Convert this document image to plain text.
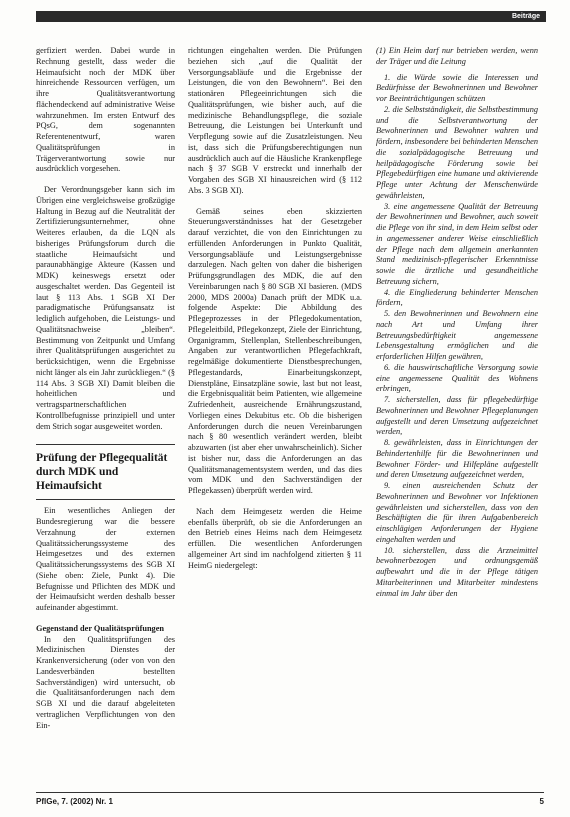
Beiträge

gerfiziert werden. Dabei wurde in Rechnung gestellt, dass weder die Heimaufsicht noch der MDK über hinreichende Ressourcen verfügen, um ihre Qualitätsverantwortung flächendeckend auf administrative Weise wahrzunehmen. Im ersten Entwurf des PQsG, dem sogenannten Referentenentwurf, waren Qualitätsprüfungen in Trägerverantwortung sowie nur ausdrücklich vorgesehen.

Der Verordnungsgeber kann sich im Übrigen eine vergleichsweise großzügige Haltung in Bezug auf die Neutralität der Zertifizierungsunternehmer, ohne Weiteres erlauben, da die LQN als bisheriges Prüfungsforum durch die staatliche Heimaufsicht und paraunabhängige Akteure (Kassen und MDK) keineswegs ersetzt oder ausgeschaltet werden. Das Gegenteil ist laut § 113 Abs. 1 SGB XI Der paradigmatische Prüfungsansatz ist lediglich aufgehoben, die Leistungs- und Qualitätsnachweise „bleiben“. Bestimmung von Zeitpunkt und Umfang ihrer Qualitätsprüfungen ausgerichtet zu berücksichtigen, wenn die Ergebnisse nicht länger als ein Jahr zurückliegen.“ (§ 114 Abs. 3 SGB XI) Damit bleiben die hoheitlichen und vertragspartnerschaftlichen Kontrollbefugnisse prinzipiell und unter dem Strich sogar ausgeweitet worden.

Prüfung der Pflegequalität durch MDK und Heimaufsicht

Ein wesentliches Anliegen der Bundesregierung war die bessere Verzahnung der externen Qualitätssicherungssysteme des Heimgesetzes und des externen Qualitätssicherungssystems des SGB XI (Siehe oben: Ziele, Punkt 4). Die Befugnisse und Pflichten des MDK und der Heimaufsicht werden deshalb besser aufeinander abgestimmt.

Gegenstand der Qualitätsprüfungen

In den Qualitätsprüfungen des Medizinischen Dienstes der Krankenversicherung (oder von von den Landesverbänden bestellten Sachverständigen) wird untersucht, ob die Qualitätsanforderungen nach dem SGB XI und die darauf abgeleiteten vertraglichen Verpflichtungen von den Ein-

richtungen eingehalten werden. Die Prüfungen beziehen sich „auf die Qualität der Versorgungsabläufe und die Ergebnisse der Leistungen, die von den Bewohnern“. Bei den stationären Pflegeeinrichtungen sich die Qualitätsprüfungen, wie bisher auch, auf die medizinische Behandlungspflege, die soziale Betreuung, die Leistungen bei Unterkunft und Verpflegung sowie auf die Zusatzleistungen. Neu ist, dass sich die Prüfungsberechtigungen nun ausdrücklich auch auf die Häusliche Krankenpflege nach § 37 SGB V erstreckt und innerhalb der Vorgaben des SGB XI hinausreichen wird (§ 112 Abs. 3 SGB XI).

Gemäß seines eben skizzierten Steuerungsverständnisses hat der Gesetzgeber darauf verzichtet, die von den Einrichtungen zu erfüllenden Anforderungen in Punkto Qualität, Versorgungsabläufe und Leistungsergebnisse darzulegen. Nach gelten von daher die bisherigen Prüfungsgrundlagen des MDK, die auf den Vereinbarungen nach § 80 SGB XI basieren. (MDS 2000, MDS 2000a) Danach prüft der MDK u.a. folgende Aspekte: Die Abbildung des Pflegeprozesses in der Pflegedokumentation, Pflegeleitbild, Pflegekonzept, Ziele der Einrichtung, Organigramm, Stellenplan, Stellenbeschreibungen, Angaben zur verantwortlichen Pflegefachkraft, regelmäßige dokumentierte Dienstbesprechungen, Pflegestandards, Einarbeitungskonzept, Dienstpläne, Einsatzpläne sowie, last but not least, die Ergebnisqualität beim Patienten, wie allgemeine Zufriedenheit, ausreichende Ernährungszustand, Vorliegen eines Dekubitus etc. Ob die bisherigen Anforderungen durch die neuen Vereinbarungen nach § 80 wesentlich verändert werden, bleibt abzuwarten (ist aber eher unwahrscheinlich). Sicher ist bisher nur, dass die Anforderungen an das Qualitätsmanagementsystem werden, und das dies vom MDK und den Sachverständigen der Pflegekassen) überprüft werden wird.

Nach dem Heimgesetz werden die Heime ebenfalls überprüft, ob sie die Anforderungen an den Betrieb eines Heims nach dem Heimgesetz erfüllen. Die wesentlichen Anforderungen allgemeiner Art sind im nachfolgend zitierten § 11 HeimG niedergelegt:

(1) Ein Heim darf nur betrieben werden, wenn der Träger und die Leitung

1. die Würde sowie die Interessen und Bedürfnisse der Bewohnerinnen und Bewohner vor Beeinträchtigungen schützen

2. die Selbstständigkeit, die Selbstbestimmung und die Selbstverantwortung der Bewohnerinnen und Bewohner wahren und fördern, insbesondere bei behinderten Menschen die sozialpädagogische Betreuung und heilpädagogische Förderung sowie bei Pflegebedürftigen eine humane und aktivierende Pflege unter Achtung der Menschenwürde gewährleisten,

3. eine angemessene Qualität der Betreuung der Bewohnerinnen und Bewohner, auch soweit die Pflege von ihr sind, in dem Heim selbst oder in angemessener anderer Weise einschließlich der Pflege nach dem allgemein anerkannten Stand medizinisch-pflegerischer Erkenntnisse sowie die ärztliche und gesundheitliche Betreuung sichern,

4. die Eingliederung behinderter Menschen fördern,

5. den Bewohnerinnen und Bewohnern eine nach Art und Umfang ihrer Betreuungsbedürftigkeit angemessene Lebensgestaltung ermöglichen und die erforderlichen Hilfen gewähren,

6. die hauswirtschaftliche Versorgung sowie eine angemessene Qualität des Wohnens erbringen,

7. sicherstellen, dass für pflegebedürftige Bewohnerinnen und Bewohner Pflegeplanungen aufgestellt und deren Umsetzung aufgezeichnet werden,

8. gewährleisten, dass in Einrichtungen der Behindertenhilfe für die Bewohnerinnen und Bewohner Förder- und Hilfepläne aufgestellt und deren Umsetzung aufgezeichnet werden,

9. einen ausreichenden Schutz der Bewohnerinnen und Bewohner vor Infektionen gewährleisten und sicherstellen, dass von den Beschäftigten die für ihren Aufgabenbereich einschlägigen Anforderungen der Hygiene eingehalten werden und

10. sicherstellen, dass die Arzneimittel bewohnerbezogen und ordnungsgemäß aufbewahrt und die in der Pflege tätigen Mitarbeiterinnen und Mitarbeiter mindestens einmal im Jahr über den

PflGe, 7. (2002) Nr. 1	5
